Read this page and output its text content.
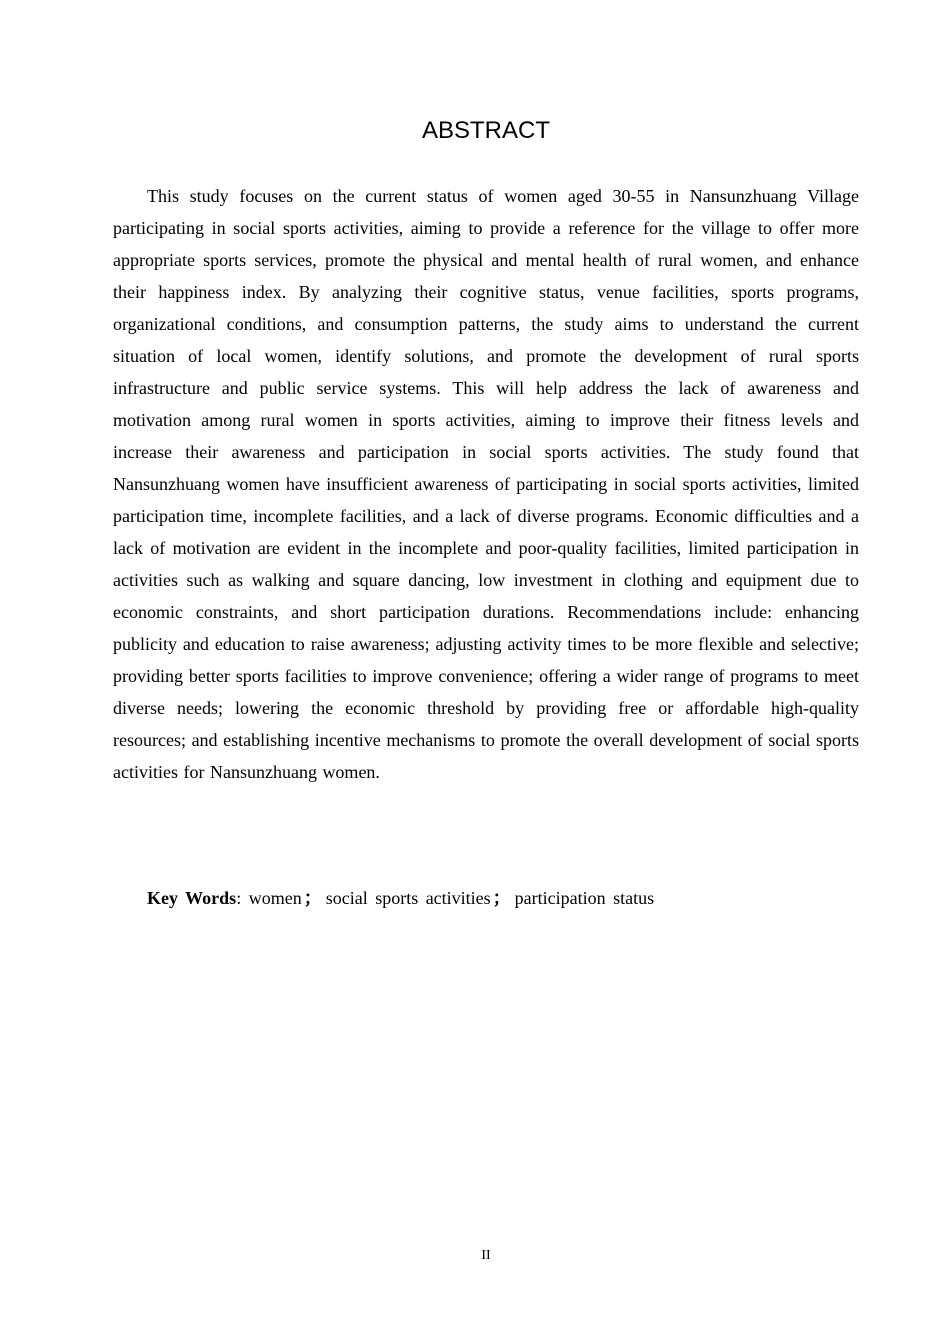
ABSTRACT

This study focuses on the current status of women aged 30-55 in Nansunzhuang Village participating in social sports activities, aiming to provide a reference for the village to offer more appropriate sports services, promote the physical and mental health of rural women, and enhance their happiness index. By analyzing their cognitive status, venue facilities, sports programs, organizational conditions, and consumption patterns, the study aims to understand the current situation of local women, identify solutions, and promote the development of rural sports infrastructure and public service systems. This will help address the lack of awareness and motivation among rural women in sports activities, aiming to improve their fitness levels and increase their awareness and participation in social sports activities. The study found that Nansunzhuang women have insufficient awareness of participating in social sports activities, limited participation time, incomplete facilities, and a lack of diverse programs. Economic difficulties and a lack of motivation are evident in the incomplete and poor-quality facilities, limited participation in activities such as walking and square dancing, low investment in clothing and equipment due to economic constraints, and short participation durations. Recommendations include: enhancing publicity and education to raise awareness; adjusting activity times to be more flexible and selective; providing better sports facilities to improve convenience; offering a wider range of programs to meet diverse needs; lowering the economic threshold by providing free or affordable high-quality resources; and establishing incentive mechanisms to promote the overall development of social sports activities for Nansunzhuang women.

Key Words: women ； social sports activities ； participation status

II
